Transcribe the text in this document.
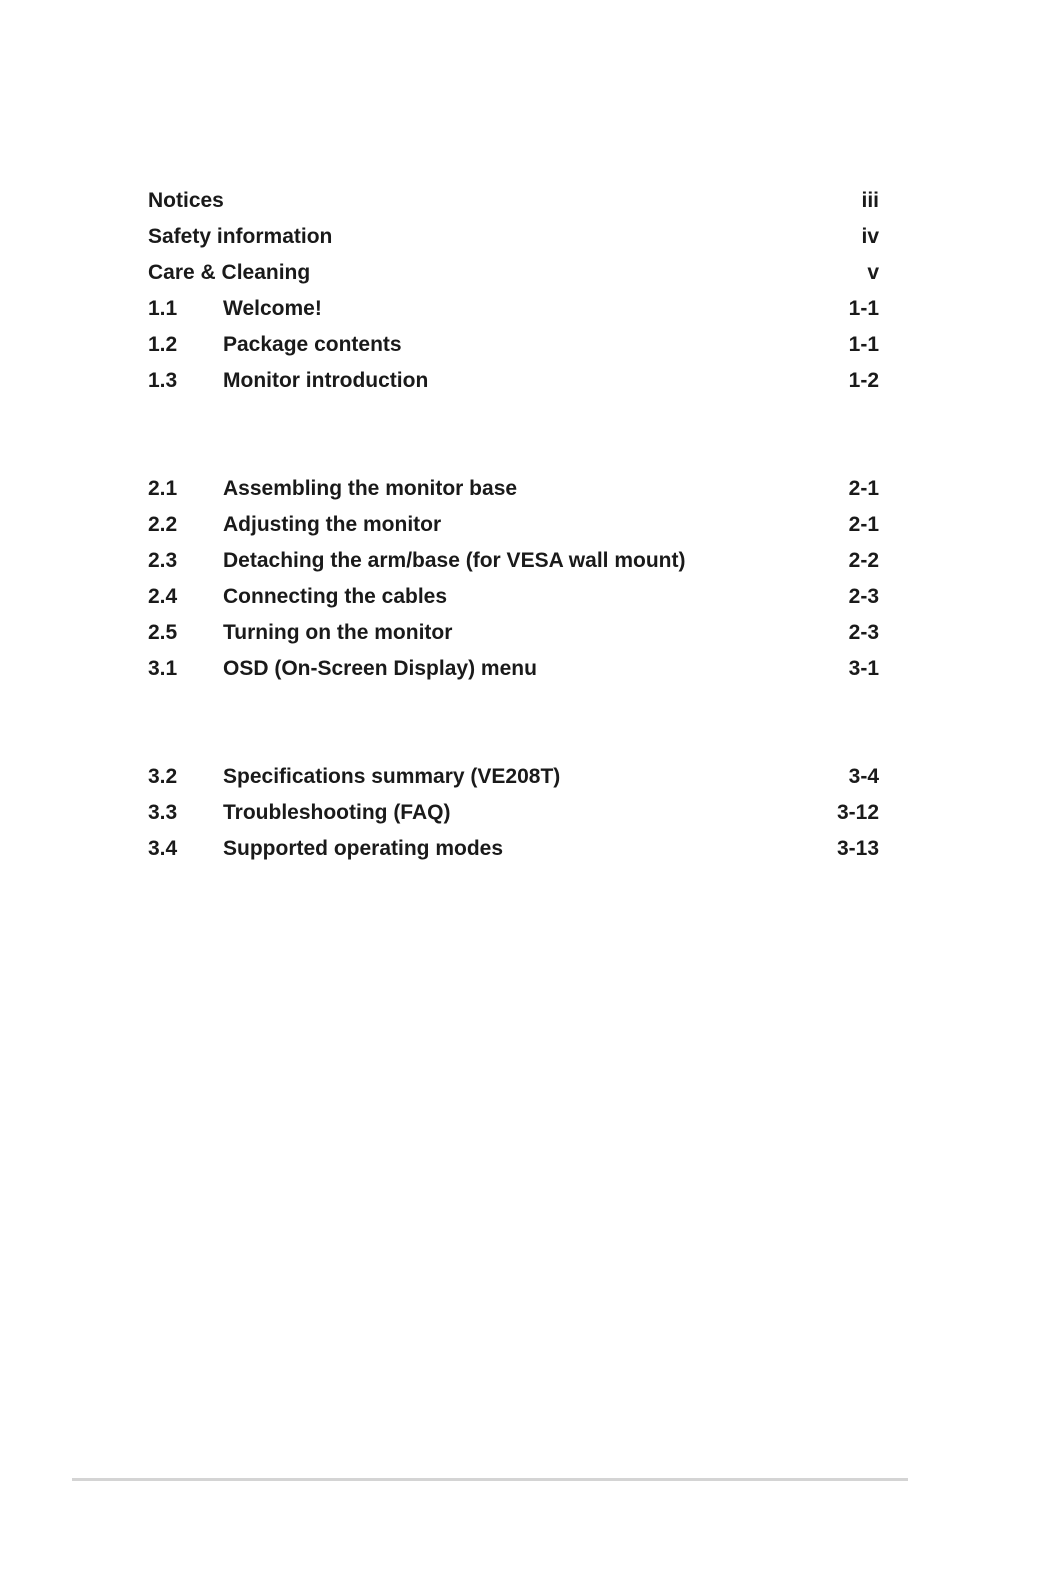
Notices	iii
Safety information	iv
Care & Cleaning	v
1.1	Welcome!	1-1
1.2	Package contents	1-1
1.3	Monitor introduction	1-2
2.1	Assembling the monitor base	2-1
2.2	Adjusting the monitor	2-1
2.3	Detaching the arm/base (for VESA wall mount)	2-2
2.4	Connecting the cables	2-3
2.5	Turning on the monitor	2-3
3.1	OSD (On-Screen Display) menu	3-1
3.2	Specifications summary (VE208T)	3-4
3.3	Troubleshooting (FAQ)	3-12
3.4	Supported operating modes	3-13
